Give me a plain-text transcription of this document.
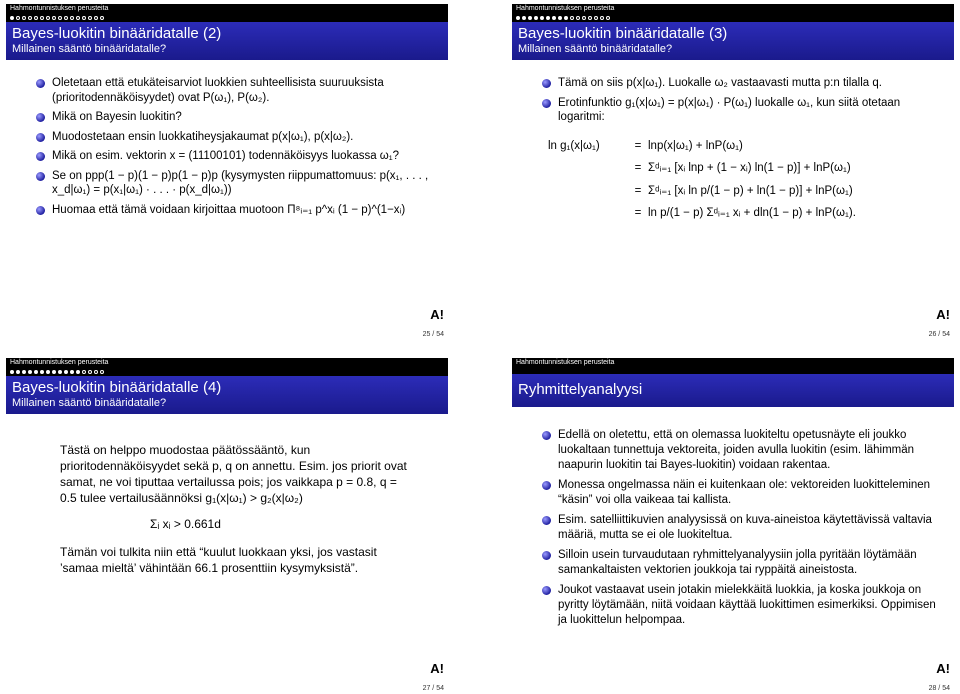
Hahmontunnistuksen perusteita
Bayes-luokitin binääridatalle (2)
Millainen sääntö binääridatalle?
Oletetaan että etukäteisarviot luokkien suhteellisista suuruuksista (prioritodennäköisyydet) ovat P(ω₁), P(ω₂).
Mikä on Bayesin luokitin?
Muodostetaan ensin luokkatiheysjakaumat p(x|ω₁), p(x|ω₂).
Mikä on esim. vektorin x = (11100101) todennäköisyys luokassa ω₁?
Se on ppp(1 − p)(1 − p)p(1 − p)p (kysymysten riippumattomuus: p(x₁, . . . , x_d|ω₁) = p(x₁|ω₁) · . . . · p(x_d|ω₁))
Huomaa että tämä voidaan kirjoittaa muotoon Π⁸ᵢ₌₁ p^xᵢ (1 − p)^(1−xᵢ)
A!
25 / 54
Hahmontunnistuksen perusteita
Bayes-luokitin binääridatalle (3)
Millainen sääntö binääridatalle?
Tämä on siis p(x|ω₁). Luokalle ω₂ vastaavasti mutta p:n tilalla q.
Erotinfunktio g₁(x|ω₁) = p(x|ω₁) · P(ω₁) luokalle ω₁, kun siitä otetaan logaritmi:
ln g₁(x|ω₁)	= lnp(x|ω₁) + lnP(ω₁)
= Σᵈᵢ₌₁ [xᵢ lnp + (1 − xᵢ) ln(1 − p)] + lnP(ω₁)
= Σᵈᵢ₌₁ [xᵢ ln p/(1 − p) + ln(1 − p)] + lnP(ω₁)
= ln p/(1 − p) Σᵈᵢ₌₁ xᵢ + dln(1 − p) + lnP(ω₁).
A!
26 / 54
Hahmontunnistuksen perusteita
Bayes-luokitin binääridatalle (4)
Millainen sääntö binääridatalle?
Tästä on helppo muodostaa päätössääntö, kun prioritodennäköisyydet sekä p, q on annettu. Esim. jos priorit ovat samat, ne voi tiputtaa vertailussa pois; jos vaikkapa p = 0.8, q = 0.5 tulee vertailusäännöksi g₁(x|ω₁) > g₂(x|ω₂)
Σᵢ xᵢ > 0.661d
Tämän voi tulkita niin että “kuulut luokkaan yksi, jos vastasit ’samaa mieltä’ vähintään 66.1 prosenttiin kysymyksistä”.
A!
27 / 54
Hahmontunnistuksen perusteita
Ryhmittelyanalyysi
Edellä on oletettu, että on olemassa luokiteltu opetusnäyte eli joukko luokaltaan tunnettuja vektoreita, joiden avulla luokitin (esim. lähimmän naapurin luokitin tai Bayes-luokitin) voidaan rakentaa.
Monessa ongelmassa näin ei kuitenkaan ole: vektoreiden luokitteleminen “käsin” voi olla vaikeaa tai kallista.
Esim. satelliittikuvien analyysissä on kuva-aineistoa käytettävissä valtavia määriä, mutta se ei ole luokiteltua.
Silloin usein turvaudutaan ryhmittelyanalyysiin jolla pyritään löytämään samankaltaisten vektorien joukkoja tai ryppäitä aineistosta.
Joukot vastaavat usein jotakin mielekkäitä luokkia, ja koska joukkoja on pyritty löytämään, niitä voidaan käyttää luokittimen esimerkiksi. Oppimisen ja luokittelun helpompaa.
A!
28 / 54
